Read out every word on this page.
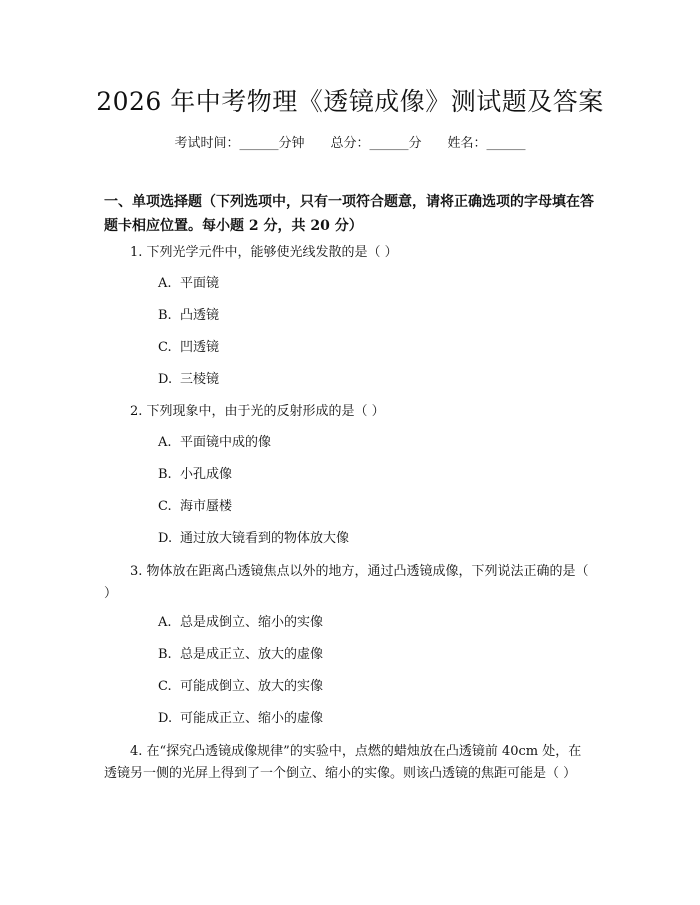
2026 年中考物理《透镜成像》测试题及答案
考试时间：______分钟 总分：______分 姓名：______
一、单项选择题（下列选项中，只有一项符合题意，请将正确选项的字母填在答题卡相应位置。每小题 2 分，共 20 分）
1. 下列光学元件中，能够使光线发散的是（ ）
A. 平面镜
B. 凸透镜
C. 凹透镜
D. 三棱镜
2. 下列现象中，由于光的反射形成的是（ ）
A. 平面镜中成的像
B. 小孔成像
C. 海市蜃楼
D. 通过放大镜看到的物体放大像
3. 物体放在距离凸透镜焦点以外的地方，通过凸透镜成像，下列说法正确的是（ ）
A. 总是成倒立、缩小的实像
B. 总是成正立、放大的虚像
C. 可能成倒立、放大的实像
D. 可能成正立、缩小的虚像
4. 在“探究凸透镜成像规律”的实验中，点燃的蜡烛放在凸透镜前 40cm 处，在透镜另一侧的光屏上得到了一个倒立、缩小的实像。则该凸透镜的焦距可能是（ ）
